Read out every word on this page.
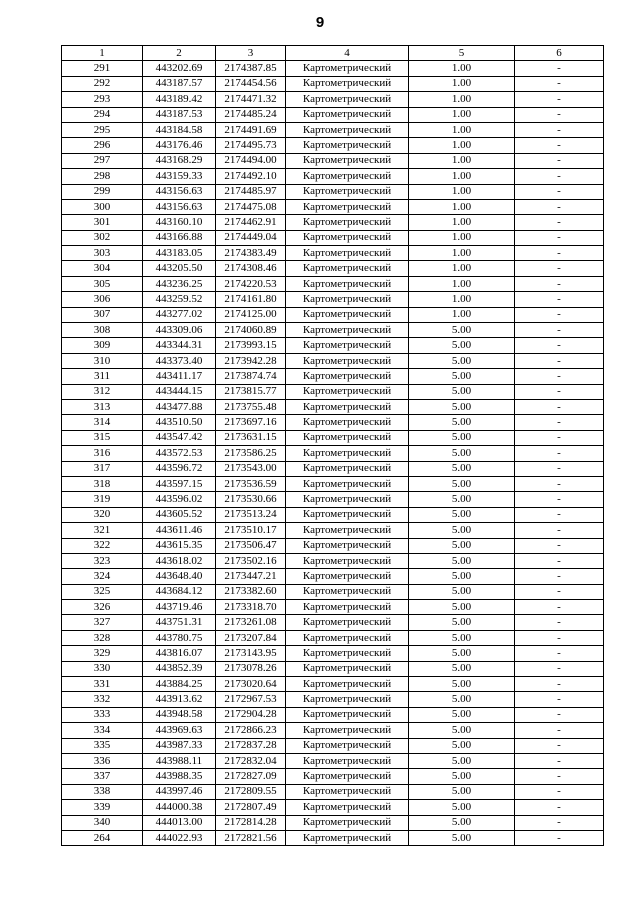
9
1	2	3	4	5	6
291	443202.69	2174387.85	Картометрический	1.00	-
292	443187.57	2174454.56	Картометрический	1.00	-
293	443189.42	2174471.32	Картометрический	1.00	-
294	443187.53	2174485.24	Картометрический	1.00	-
295	443184.58	2174491.69	Картометрический	1.00	-
296	443176.46	2174495.73	Картометрический	1.00	-
297	443168.29	2174494.00	Картометрический	1.00	-
298	443159.33	2174492.10	Картометрический	1.00	-
299	443156.63	2174485.97	Картометрический	1.00	-
300	443156.63	2174475.08	Картометрический	1.00	-
301	443160.10	2174462.91	Картометрический	1.00	-
302	443166.88	2174449.04	Картометрический	1.00	-
303	443183.05	2174383.49	Картометрический	1.00	-
304	443205.50	2174308.46	Картометрический	1.00	-
305	443236.25	2174220.53	Картометрический	1.00	-
306	443259.52	2174161.80	Картометрический	1.00	-
307	443277.02	2174125.00	Картометрический	1.00	-
308	443309.06	2174060.89	Картометрический	5.00	-
309	443344.31	2173993.15	Картометрический	5.00	-
310	443373.40	2173942.28	Картометрический	5.00	-
311	443411.17	2173874.74	Картометрический	5.00	-
312	443444.15	2173815.77	Картометрический	5.00	-
313	443477.88	2173755.48	Картометрический	5.00	-
314	443510.50	2173697.16	Картометрический	5.00	-
315	443547.42	2173631.15	Картометрический	5.00	-
316	443572.53	2173586.25	Картометрический	5.00	-
317	443596.72	2173543.00	Картометрический	5.00	-
318	443597.15	2173536.59	Картометрический	5.00	-
319	443596.02	2173530.66	Картометрический	5.00	-
320	443605.52	2173513.24	Картометрический	5.00	-
321	443611.46	2173510.17	Картометрический	5.00	-
322	443615.35	2173506.47	Картометрический	5.00	-
323	443618.02	2173502.16	Картометрический	5.00	-
324	443648.40	2173447.21	Картометрический	5.00	-
325	443684.12	2173382.60	Картометрический	5.00	-
326	443719.46	2173318.70	Картометрический	5.00	-
327	443751.31	2173261.08	Картометрический	5.00	-
328	443780.75	2173207.84	Картометрический	5.00	-
329	443816.07	2173143.95	Картометрический	5.00	-
330	443852.39	2173078.26	Картометрический	5.00	-
331	443884.25	2173020.64	Картометрический	5.00	-
332	443913.62	2172967.53	Картометрический	5.00	-
333	443948.58	2172904.28	Картометрический	5.00	-
334	443969.63	2172866.23	Картометрический	5.00	-
335	443987.33	2172837.28	Картометрический	5.00	-
336	443988.11	2172832.04	Картометрический	5.00	-
337	443988.35	2172827.09	Картометрический	5.00	-
338	443997.46	2172809.55	Картометрический	5.00	-
339	444000.38	2172807.49	Картометрический	5.00	-
340	444013.00	2172814.28	Картометрический	5.00	-
264	444022.93	2172821.56	Картометрический	5.00	-
